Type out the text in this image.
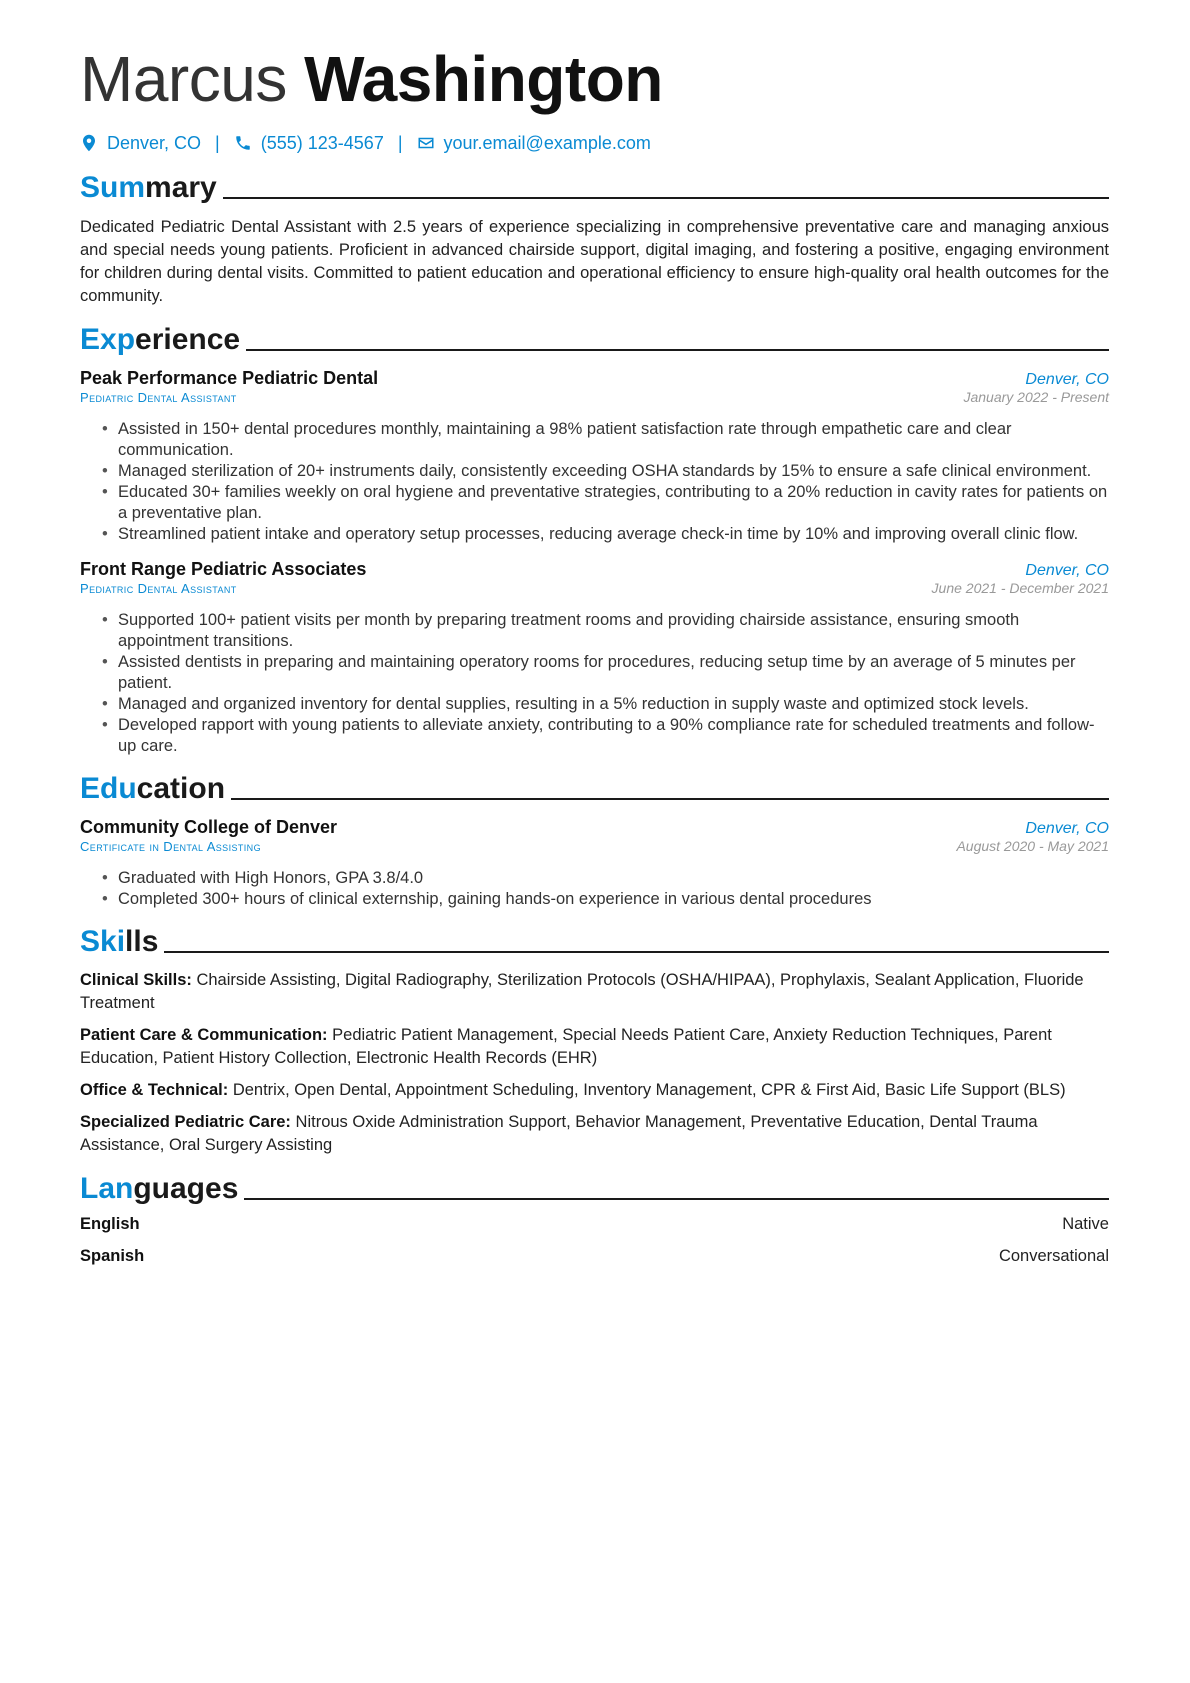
Marcus Washington
Denver, CO | (555) 123-4567 | your.email@example.com
Summary

Dedicated Pediatric Dental Assistant with 2.5 years of experience specializing in comprehensive preventative care and managing anxious and special needs young patients. Proficient in advanced chairside support, digital imaging, and fostering a positive, engaging environment for children during dental visits. Committed to patient education and operational efficiency to ensure high-quality oral health outcomes for the community.

Experience
Peak Performance Pediatric Dental	Denver, CO
Pediatric Dental Assistant	January 2022 - Present
• Assisted in 150+ dental procedures monthly, maintaining a 98% patient satisfaction rate through empathetic care and clear communication.
• Managed sterilization of 20+ instruments daily, consistently exceeding OSHA standards by 15% to ensure a safe clinical environment.
• Educated 30+ families weekly on oral hygiene and preventative strategies, contributing to a 20% reduction in cavity rates for patients on a preventative plan.
• Streamlined patient intake and operatory setup processes, reducing average check-in time by 10% and improving overall clinic flow.
Front Range Pediatric Associates	Denver, CO
Pediatric Dental Assistant	June 2021 - December 2021
• Supported 100+ patient visits per month by preparing treatment rooms and providing chairside assistance, ensuring smooth appointment transitions.
• Assisted dentists in preparing and maintaining operatory rooms for procedures, reducing setup time by an average of 5 minutes per patient.
• Managed and organized inventory for dental supplies, resulting in a 5% reduction in supply waste and optimized stock levels.
• Developed rapport with young patients to alleviate anxiety, contributing to a 90% compliance rate for scheduled treatments and follow-up care.
Education
Community College of Denver	Denver, CO
Certificate in Dental Assisting	August 2020 - May 2021
• Graduated with High Honors, GPA 3.8/4.0
• Completed 300+ hours of clinical externship, gaining hands-on experience in various dental procedures
Skills
Clinical Skills: Chairside Assisting, Digital Radiography, Sterilization Protocols (OSHA/HIPAA), Prophylaxis, Sealant Application, Fluoride Treatment
Patient Care & Communication: Pediatric Patient Management, Special Needs Patient Care, Anxiety Reduction Techniques, Parent Education, Patient History Collection, Electronic Health Records (EHR)
Office & Technical: Dentrix, Open Dental, Appointment Scheduling, Inventory Management, CPR & First Aid, Basic Life Support (BLS)
Specialized Pediatric Care: Nitrous Oxide Administration Support, Behavior Management, Preventative Education, Dental Trauma Assistance, Oral Surgery Assisting
Languages
English	Native
Spanish	Conversational
